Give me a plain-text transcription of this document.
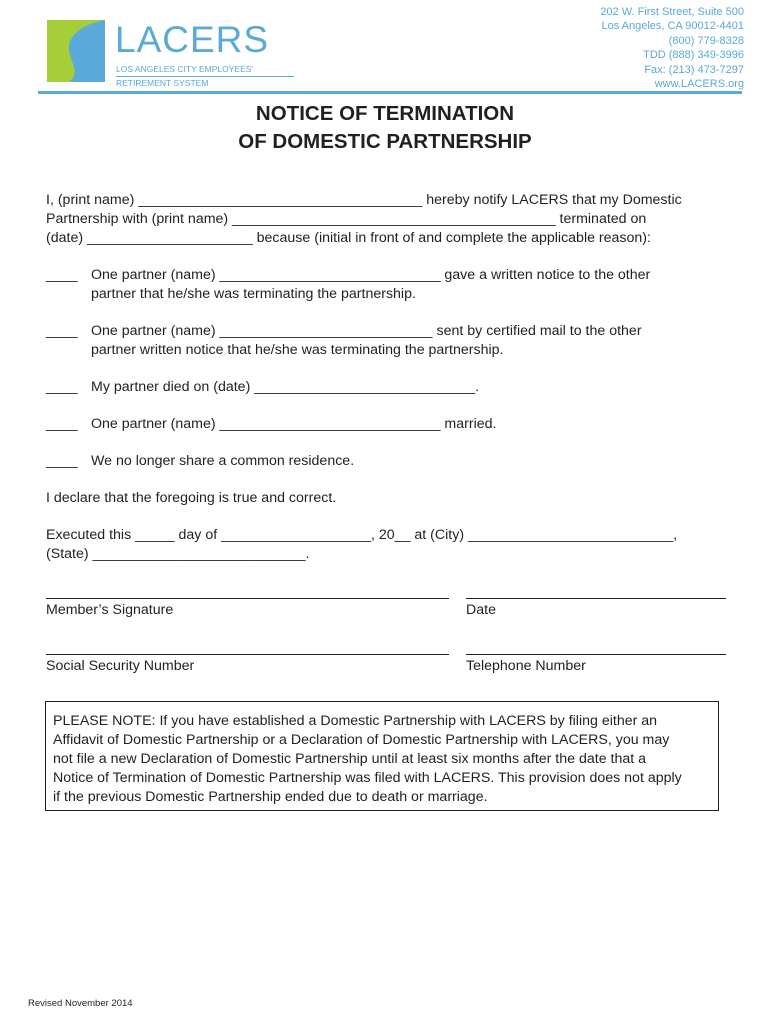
LACERS
LOS ANGELES CITY EMPLOYEES'
RETIREMENT SYSTEM
202 W. First Street, Suite 500
Los Angeles, CA 90012-4401
(800) 779-8328
TDD (888) 349-3996
Fax: (213) 473-7297
www.LACERS.org
NOTICE OF TERMINATION
OF DOMESTIC PARTNERSHIP
I, (print name) ____________________________________ hereby notify LACERS that my Domestic
Partnership with (print name) _________________________________________ terminated on
(date) _____________________ because (initial in front of and complete the applicable reason):
____ One partner (name) ____________________________ gave a written notice to the other
partner that he/she was terminating the partnership.
____ One partner (name) ___________________________ sent by certified mail to the other
partner written notice that he/she was terminating the partnership.
____ My partner died on (date) ____________________________.
____ One partner (name) ____________________________ married.
____ We no longer share a common residence.
I declare that the foregoing is true and correct.
Executed this _____ day of ___________________, 20__ at (City) __________________________,
(State) ___________________________.
Member’s Signature	Date
Social Security Number	Telephone Number
PLEASE NOTE: If you have established a Domestic Partnership with LACERS by filing either an
Affidavit of Domestic Partnership or a Declaration of Domestic Partnership with LACERS, you may
not file a new Declaration of Domestic Partnership until at least six months after the date that a
Notice of Termination of Domestic Partnership was filed with LACERS. This provision does not apply
if the previous Domestic Partnership ended due to death or marriage.
Revised November 2014
